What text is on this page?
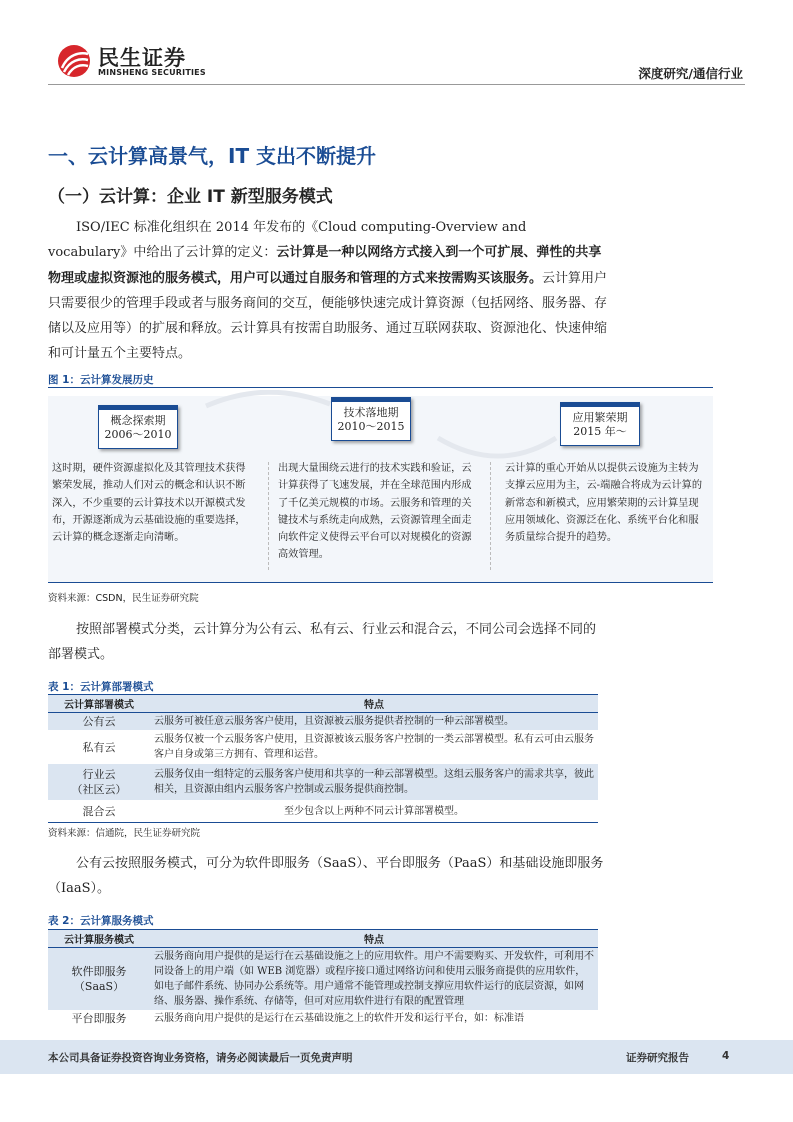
民生证券
MINSHENG SECURITIES	深度研究/通信行业
一、云计算高景气，IT 支出不断提升
（一）云计算：企业 IT 新型服务模式
ISO/IEC 标准化组织在 2014 年发布的《Cloud computing-Overview and vocabulary》中给出了云计算的定义：云计算是一种以网络方式接入到一个可扩展、弹性的共享物理或虚拟资源池的服务模式，用户可以通过自服务和管理的方式来按需购买该服务。云计算用户只需要很少的管理手段或者与服务商间的交互，便能够快速完成计算资源（包括网络、服务器、存储以及应用等）的扩展和释放。云计算具有按需自助服务、通过互联网获取、资源池化、快速伸缩和可计量五个主要特点。
图 1：云计算发展历史
概念探索期
2006～2010
技术落地期
2010～2015
应用繁荣期
2015 年～
这时期，硬件资源虚拟化及其管理技术获得繁荣发展，推动人们对云的概念和认识不断深入，不少重要的云计算技术以开源模式发布，开源逐渐成为云基础设施的重要选择，云计算的概念逐渐走向清晰。
出现大量围绕云进行的技术实践和验证，云计算获得了飞速发展，并在全球范围内形成了千亿美元规模的市场。云服务和管理的关键技术与系统走向成熟，云资源管理全面走向软件定义使得云平台可以对规模化的资源高效管理。
云计算的重心开始从以提供云设施为主转为支撑云应用为主，云-端融合将成为云计算的新常态和新模式，应用繁荣期的云计算呈现应用领域化、资源泛在化、系统平台化和服务质量综合提升的趋势。
资料来源：CSDN，民生证券研究院
按照部署模式分类，云计算分为公有云、私有云、行业云和混合云，不同公司会选择不同的部署模式。
表 1：云计算部署模式
云计算部署模式	特点
公有云	云服务可被任意云服务客户使用，且资源被云服务提供者控制的一种云部署模型。
私有云	云服务仅被一个云服务客户使用，且资源被该云服务客户控制的一类云部署模型。私有云可由云服务客户自身或第三方拥有、管理和运营。
行业云
（社区云）	云服务仅由一组特定的云服务客户使用和共享的一种云部署模型。这组云服务客户的需求共享，彼此相关，且资源由组内云服务客户控制或云服务提供商控制。
混合云	至少包含以上两种不同云计算部署模型。
资料来源：信通院，民生证券研究院
公有云按照服务模式，可分为软件即服务（SaaS）、平台即服务（PaaS）和基础设施即服务（IaaS）。
表 2：云计算服务模式
云计算服务模式	特点
软件即服务
（SaaS）	云服务商向用户提供的是运行在云基础设施之上的应用软件。用户不需要购买、开发软件，可利用不同设备上的用户端（如 WEB 浏览器）或程序接口通过网络访问和使用云服务商提供的应用软件，如电子邮件系统、协同办公系统等。用户通常不能管理或控制支撑应用软件运行的底层资源，如网络、服务器、操作系统、存储等，但可对应用软件进行有限的配置管理
平台即服务	云服务商向用户提供的是运行在云基础设施之上的软件开发和运行平台，如：标准语
本公司具备证券投资咨询业务资格，请务必阅读最后一页免责声明	证券研究报告	4
